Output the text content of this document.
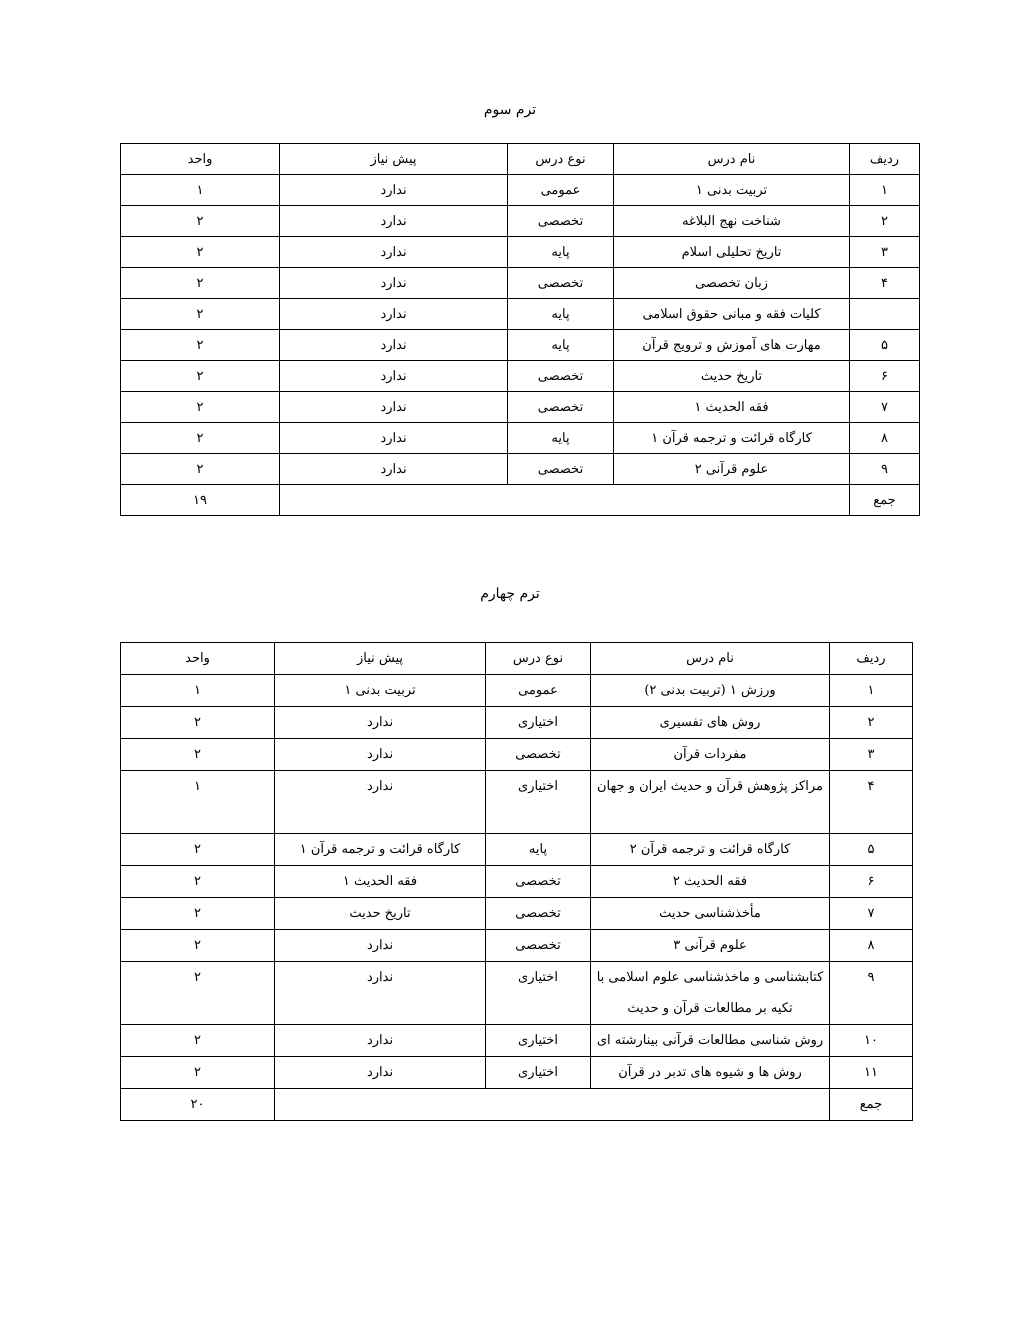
ترم سوم
ردیف	نام درس	نوع درس	پیش نیاز	واحد
۱	تربیت بدنی ۱	عمومی	ندارد	۱
۲	شناخت نهج البلاغه	تخصصی	ندارد	۲
۳	تاریخ تحلیلی اسلام	پایه	ندارد	۲
۴	زبان تخصصی	تخصصی	ندارد	۲
	کلیات فقه و مبانی حقوق اسلامی	پایه	ندارد	۲
۵	مهارت های آموزش و ترویج قرآن	پایه	ندارد	۲
۶	تاریخ حدیث	تخصصی	ندارد	۲
۷	فقه الحدیث ۱	تخصصی	ندارد	۲
۸	کارگاه قرائت و ترجمه قرآن ۱	پایه	ندارد	۲
۹	علوم قرآنی ۲	تخصصی	ندارد	۲
جمع				۱۹
ترم چهارم
ردیف	نام درس	نوع درس	پیش نیاز	واحد
۱	ورزش ۱ (تربیت بدنی ۲)	عمومی	تربیت بدنی ۱	۱
۲	روش های تفسیری	اختیاری	ندارد	۲
۳	مفردات قرآن	تخصصی	ندارد	۲
۴	مراکز پژوهش قرآن و حدیث ایران و جهان	اختیاری	ندارد	۱
۵	کارگاه قرائت و ترجمه قرآن ۲	پایه	کارگاه قرائت و ترجمه قرآن ۱	۲
۶	فقه الحدیث ۲	تخصصی	فقه الحدیث ۱	۲
۷	مأخذشناسی حدیث	تخصصی	تاریخ حدیث	۲
۸	علوم قرآنی ۳	تخصصی	ندارد	۲
۹	کتابشناسی و ماخذشناسی علوم اسلامی با تکیه بر مطالعات قرآن و حدیث	اختیاری	ندارد	۲
۱۰	روش شناسی مطالعات قرآنی بینارشته ای	اختیاری	ندارد	۲
۱۱	روش ها و شیوه های تدبر در قرآن	اختیاری	ندارد	۲
جمع				۲۰
